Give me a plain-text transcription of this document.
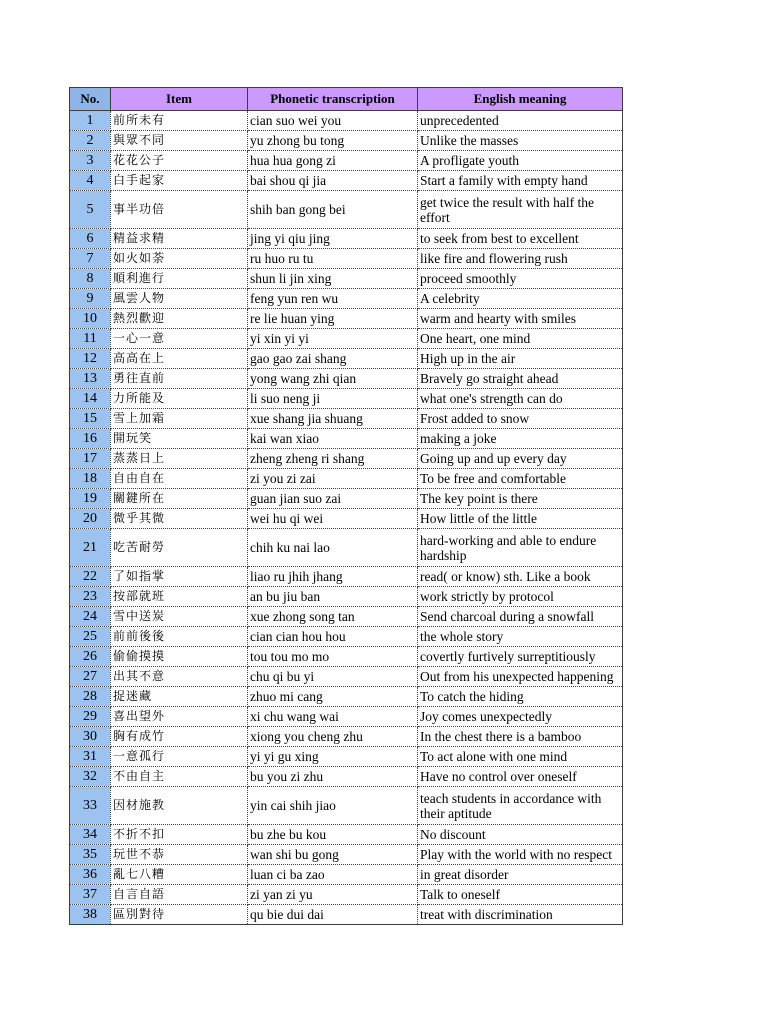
No.	Item	Phonetic transcription	English meaning
1	前所未有	cian suo wei you	unprecedented
2	與眾不同	yu zhong bu tong	Unlike the masses
3	花花公子	hua hua gong zi	A profligate youth
4	白手起家	bai shou qi jia	Start a family with empty hand
5	事半功倍	shih ban gong bei	get twice the result with half the effort
6	精益求精	jing yi qiu jing	to seek from best to excellent
7	如火如荼	ru huo ru tu	like fire and flowering rush
8	順利進行	shun li jin xing	proceed smoothly
9	風雲人物	feng yun ren wu	A celebrity
10	熱烈歡迎	re lie huan ying	warm and hearty with smiles
11	一心一意	yi xin yi yi	One heart, one mind
12	高高在上	gao gao zai shang	High up in the air
13	勇往直前	yong wang zhi qian	Bravely go straight ahead
14	力所能及	li suo neng ji	what one's strength can do
15	雪上加霜	xue shang jia shuang	Frost added to snow
16	開玩笑	kai wan xiao	making a joke
17	蒸蒸日上	zheng zheng ri shang	Going up and up every day
18	自由自在	zi you zi zai	To be free and comfortable
19	關鍵所在	guan jian suo zai	The key point is there
20	微乎其微	wei hu qi wei	How little of the little
21	吃苦耐勞	chih ku nai lao	hard-working and able to endure hardship
22	了如指掌	liao ru jhih jhang	read( or know) sth. Like a book
23	按部就班	an bu jiu ban	work strictly by protocol
24	雪中送炭	xue zhong song tan	Send charcoal during a snowfall
25	前前後後	cian cian hou hou	the whole story
26	偷偷摸摸	tou tou mo mo	covertly furtively surreptitiously
27	出其不意	chu qi bu yi	Out from his unexpected happening
28	捉迷藏	zhuo mi cang	To catch the hiding
29	喜出望外	xi chu wang wai	Joy comes unexpectedly
30	胸有成竹	xiong you cheng zhu	In the chest there is a bamboo
31	一意孤行	yi yi gu xing	To act alone with one mind
32	不由自主	bu you zi zhu	Have no control over oneself
33	因材施教	yin cai shih jiao	teach students in accordance with their aptitude
34	不折不扣	bu zhe bu kou	No discount
35	玩世不恭	wan shi bu gong	Play with the world with no respect
36	亂七八糟	luan ci ba zao	in great disorder
37	自言自語	zi yan zi yu	Talk to oneself
38	區別對待	qu bie dui dai	treat with discrimination
